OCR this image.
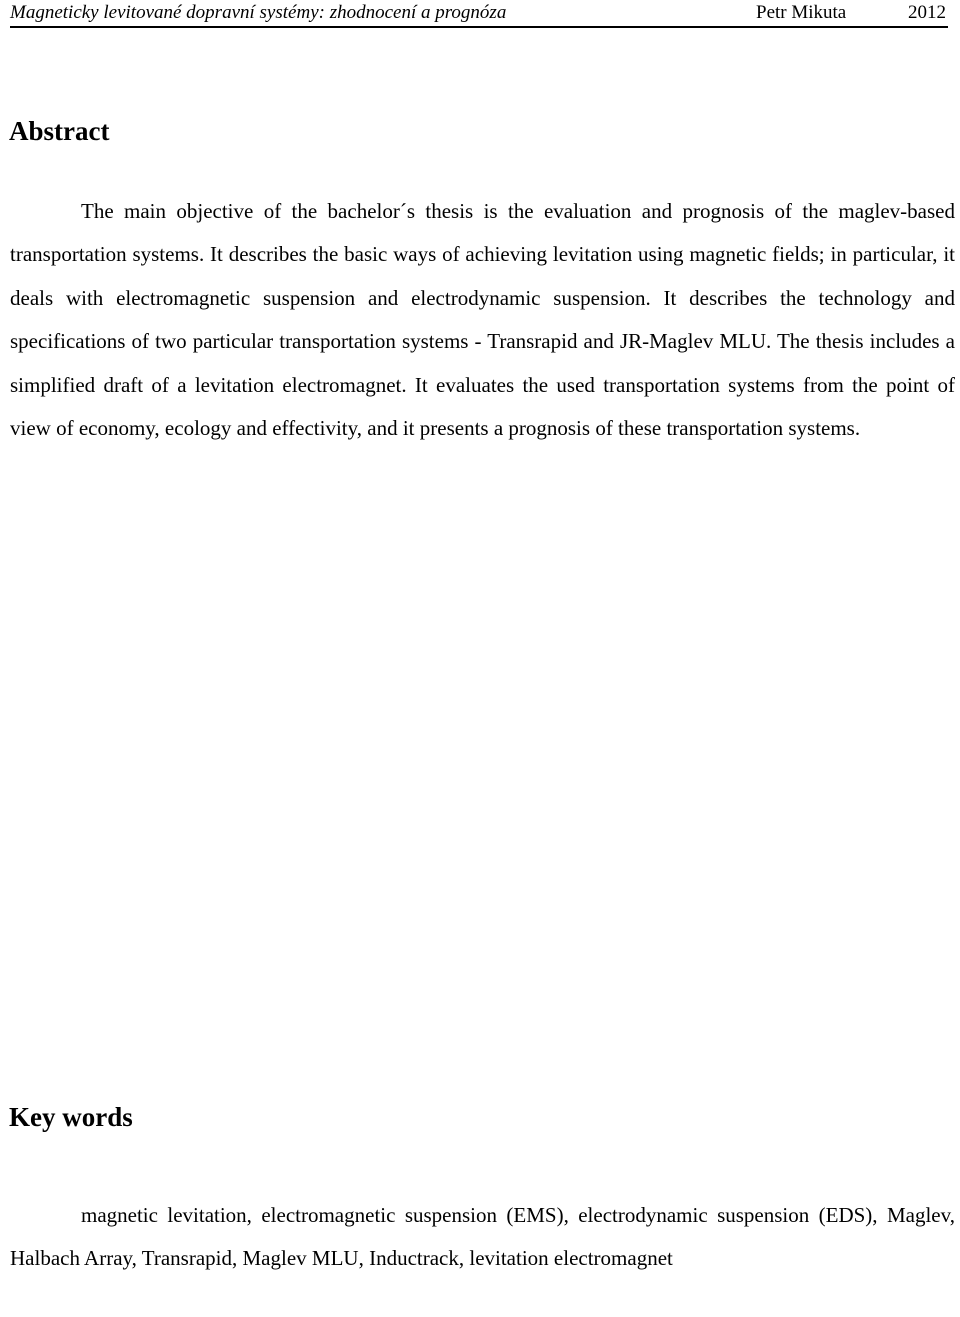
Magneticky levitované dopravní systémy: zhodnocení a prognóza	Petr Mikuta	2012
Abstract

The main objective of the bachelor´s thesis is the evaluation and prognosis of the maglev-based transportation systems. It describes the basic ways of achieving levitation using magnetic fields; in particular, it deals with electromagnetic suspension and electrodynamic suspension. It describes the technology and specifications of two particular transportation systems - Transrapid and JR-Maglev MLU. The thesis includes a simplified draft of a levitation electromagnet. It evaluates the used transportation systems from the point of view of economy, ecology and effectivity, and it presents a prognosis of these transportation systems.

Key words

magnetic levitation, electromagnetic suspension (EMS), electrodynamic suspension (EDS), Maglev, Halbach Array, Transrapid, Maglev MLU, Inductrack, levitation electromagnet
